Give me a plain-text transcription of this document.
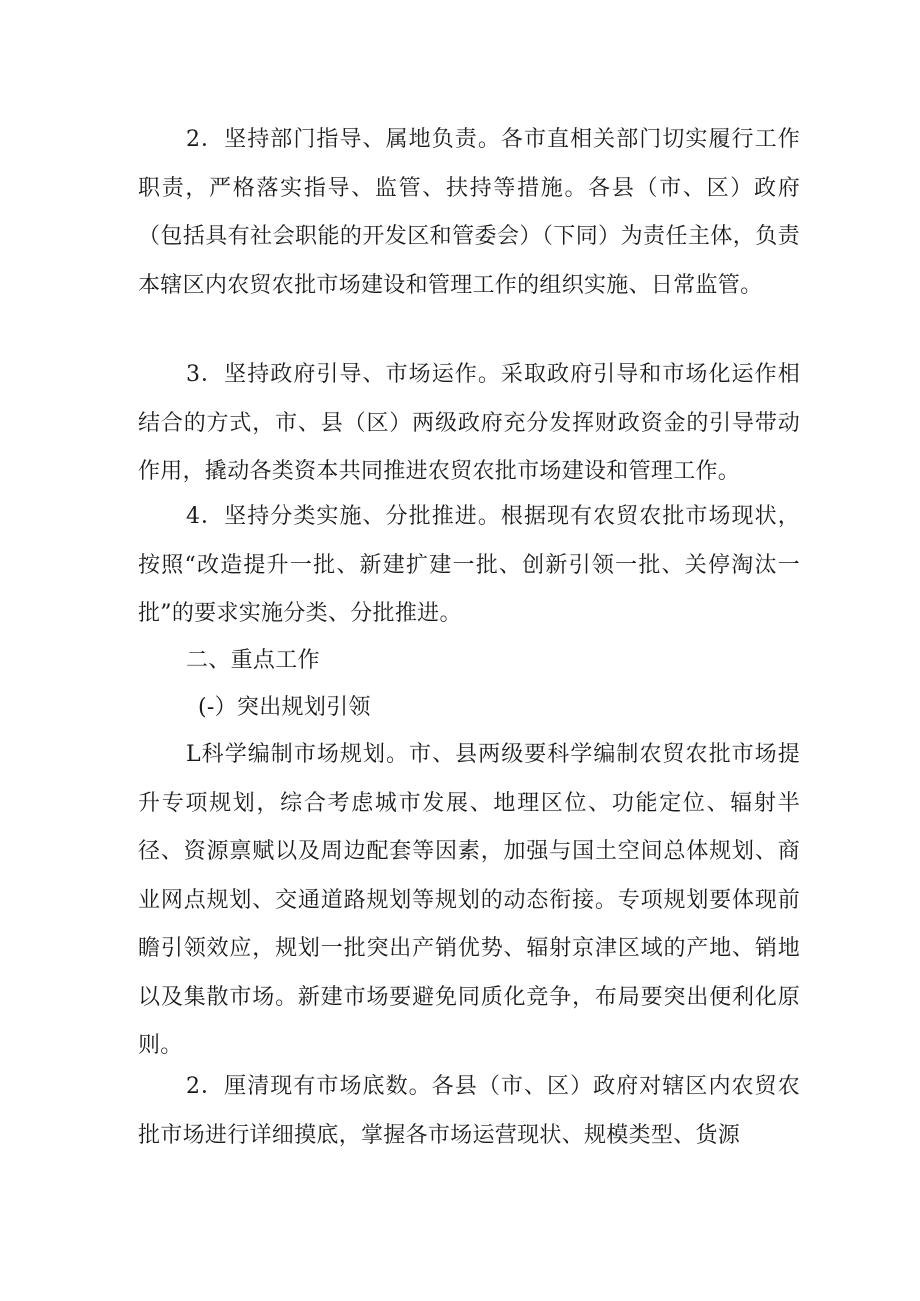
2．坚持部门指导、属地负责。各市直相关部门切实履行工作职责，严格落实指导、监管、扶持等措施。各县（市、区）政府（包括具有社会职能的开发区和管委会）（下同）为责任主体，负责本辖区内农贸农批市场建设和管理工作的组织实施、日常监管。

3．坚持政府引导、市场运作。采取政府引导和市场化运作相结合的方式，市、县（区）两级政府充分发挥财政资金的引导带动作用，撬动各类资本共同推进农贸农批市场建设和管理工作。

4．坚持分类实施、分批推进。根据现有农贸农批市场现状，按照“改造提升一批、新建扩建一批、创新引领一批、关停淘汰一批”的要求实施分类、分批推进。

二、重点工作

(-）突出规划引领

L科学编制市场规划。市、县两级要科学编制农贸农批市场提升专项规划，综合考虑城市发展、地理区位、功能定位、辐射半径、资源禀赋以及周边配套等因素，加强与国土空间总体规划、商业网点规划、交通道路规划等规划的动态衔接。专项规划要体现前瞻引领效应，规划一批突出产销优势、辐射京津区域的产地、销地以及集散市场。新建市场要避免同质化竞争，布局要突出便利化原则。

2．厘清现有市场底数。各县（市、区）政府对辖区内农贸农批市场进行详细摸底，掌握各市场运营现状、规模类型、货源
